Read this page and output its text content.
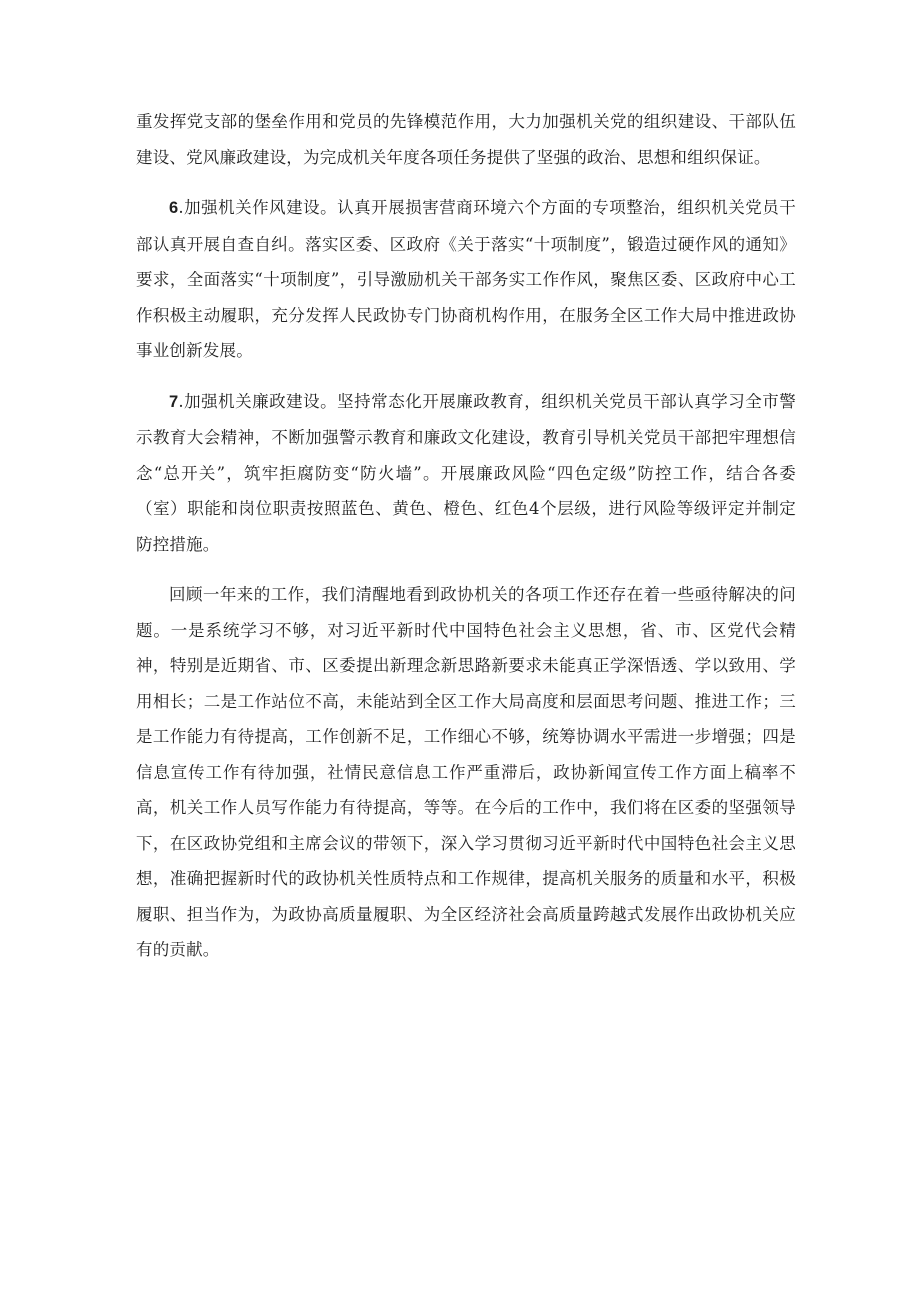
重发挥党支部的堡垒作用和党员的先锋模范作用，大力加强机关党的组织建设、干部队伍建设、党风廉政建设，为完成机关年度各项任务提供了坚强的政治、思想和组织保证。

6.加强机关作风建设。认真开展损害营商环境六个方面的专项整治，组织机关党员干部认真开展自查自纠。落实区委、区政府《关于落实“十项制度”，锻造过硬作风的通知》要求，全面落实“十项制度”，引导激励机关干部务实工作作风，聚焦区委、区政府中心工作积极主动履职，充分发挥人民政协专门协商机构作用，在服务全区工作大局中推进政协事业创新发展。

7.加强机关廉政建设。坚持常态化开展廉政教育，组织机关党员干部认真学习全市警示教育大会精神，不断加强警示教育和廉政文化建设，教育引导机关党员干部把牢理想信念“总开关”，筑牢拒腐防变“防火墙”。开展廉政风险“四色定级”防控工作，结合各委（室）职能和岗位职责按照蓝色、黄色、橙色、红色4个层级，进行风险等级评定并制定防控措施。

回顾一年来的工作，我们清醒地看到政协机关的各项工作还存在着一些亟待解决的问题。一是系统学习不够，对习近平新时代中国特色社会主义思想，省、市、区党代会精神，特别是近期省、市、区委提出新理念新思路新要求未能真正学深悟透、学以致用、学用相长；二是工作站位不高，未能站到全区工作大局高度和层面思考问题、推进工作；三是工作能力有待提高，工作创新不足，工作细心不够，统筹协调水平需进一步增强；四是信息宣传工作有待加强，社情民意信息工作严重滞后，政协新闻宣传工作方面上稿率不高，机关工作人员写作能力有待提高，等等。在今后的工作中，我们将在区委的坚强领导下，在区政协党组和主席会议的带领下，深入学习贯彻习近平新时代中国特色社会主义思想，准确把握新时代的政协机关性质特点和工作规律，提高机关服务的质量和水平，积极履职、担当作为，为政协高质量履职、为全区经济社会高质量跨越式发展作出政协机关应有的贡献。
